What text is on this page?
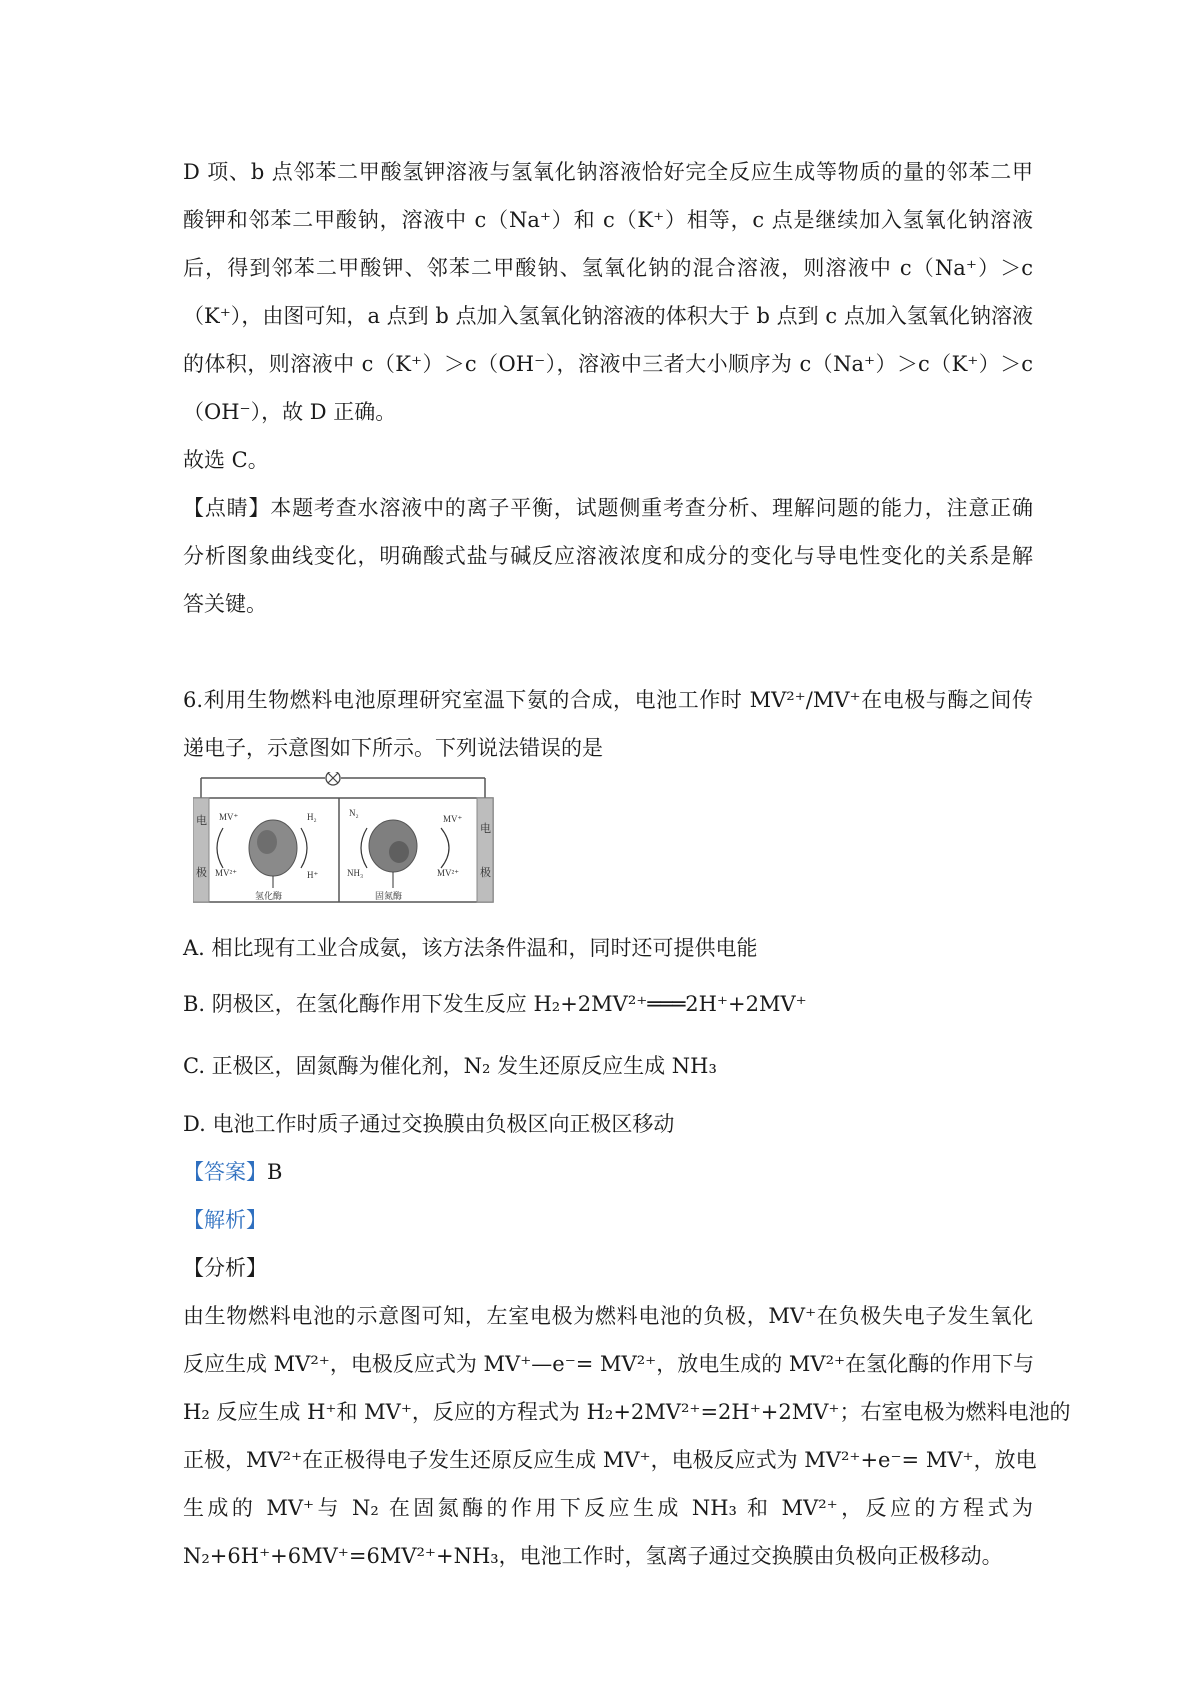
D 项、b 点邻苯二甲酸氢钾溶液与氢氧化钠溶液恰好完全反应生成等物质的量的邻苯二甲

酸钾和邻苯二甲酸钠，溶液中 c（Na⁺）和 c（K⁺）相等，c 点是继续加入氢氧化钠溶液

后，得到邻苯二甲酸钾、邻苯二甲酸钠、氢氧化钠的混合溶液，则溶液中 c（Na⁺）＞c

（K⁺），由图可知，a 点到 b 点加入氢氧化钠溶液的体积大于 b 点到 c 点加入氢氧化钠溶液

的体积，则溶液中 c（K⁺）＞c（OH⁻），溶液中三者大小顺序为 c（Na⁺）＞c（K⁺）＞c

（OH⁻），故 D 正确。

故选 C。

【点睛】本题考查水溶液中的离子平衡，试题侧重考查分析、理解问题的能力，注意正确

分析图象曲线变化，明确酸式盐与碱反应溶液浓度和成分的变化与导电性变化的关系是解

答关键。

6.利用生物燃料电池原理研究室温下氨的合成，电池工作时 MV²⁺/MV⁺在电极与酶之间传

递电子，示意图如下所示。下列说法错误的是

电
极
电
极
MV⁺
MV²⁺
H₂
H⁺
氢化酶
N₂
NH₃
MV⁺
MV²⁺
固氮酶

A. 相比现有工业合成氨，该方法条件温和，同时还可提供电能

B. 阴极区，在氢化酶作用下发生反应 H₂+2MV²⁺═══2H⁺+2MV⁺

C. 正极区，固氮酶为催化剂，N₂ 发生还原反应生成 NH₃

D. 电池工作时质子通过交换膜由负极区向正极区移动

【答案】B

【解析】

【分析】

由生物燃料电池的示意图可知，左室电极为燃料电池的负极，MV⁺在负极失电子发生氧化

反应生成 MV²⁺，电极反应式为 MV⁺—e⁻= MV²⁺，放电生成的 MV²⁺在氢化酶的作用下与

H₂ 反应生成 H⁺和 MV⁺，反应的方程式为 H₂+2MV²⁺=2H⁺+2MV⁺；右室电极为燃料电池的

正极，MV²⁺在正极得电子发生还原反应生成 MV⁺，电极反应式为 MV²⁺+e⁻= MV⁺，放电

生成的 MV⁺与 N₂ 在固氮酶的作用下反应生成 NH₃ 和 MV²⁺，反应的方程式为

N₂+6H⁺+6MV⁺=6MV²⁺+NH₃，电池工作时，氢离子通过交换膜由负极向正极移动。
